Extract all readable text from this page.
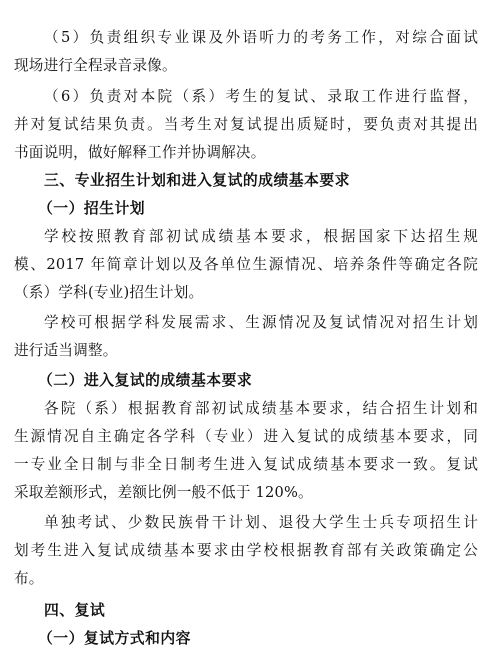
（5）负责组织专业课及外语听力的考务工作，对综合面试
现场进行全程录音录像。
（6）负责对本院（系）考生的复试、录取工作进行监督，
并对复试结果负责。当考生对复试提出质疑时，要负责对其提出
书面说明，做好解释工作并协调解决。
三、专业招生计划和进入复试的成绩基本要求
（一）招生计划
学校按照教育部初试成绩基本要求，根据国家下达招生规
模、2017 年简章计划以及各单位生源情况、培养条件等确定各院
（系）学科(专业)招生计划。
学校可根据学科发展需求、生源情况及复试情况对招生计划
进行适当调整。
（二）进入复试的成绩基本要求
各院（系）根据教育部初试成绩基本要求，结合招生计划和
生源情况自主确定各学科（专业）进入复试的成绩基本要求，同
一专业全日制与非全日制考生进入复试成绩基本要求一致。复试
采取差额形式，差额比例一般不低于 120%。
单独考试、少数民族骨干计划、退役大学生士兵专项招生计
划考生进入复试成绩基本要求由学校根据教育部有关政策确定公
布。
四、复试
（一）复试方式和内容
